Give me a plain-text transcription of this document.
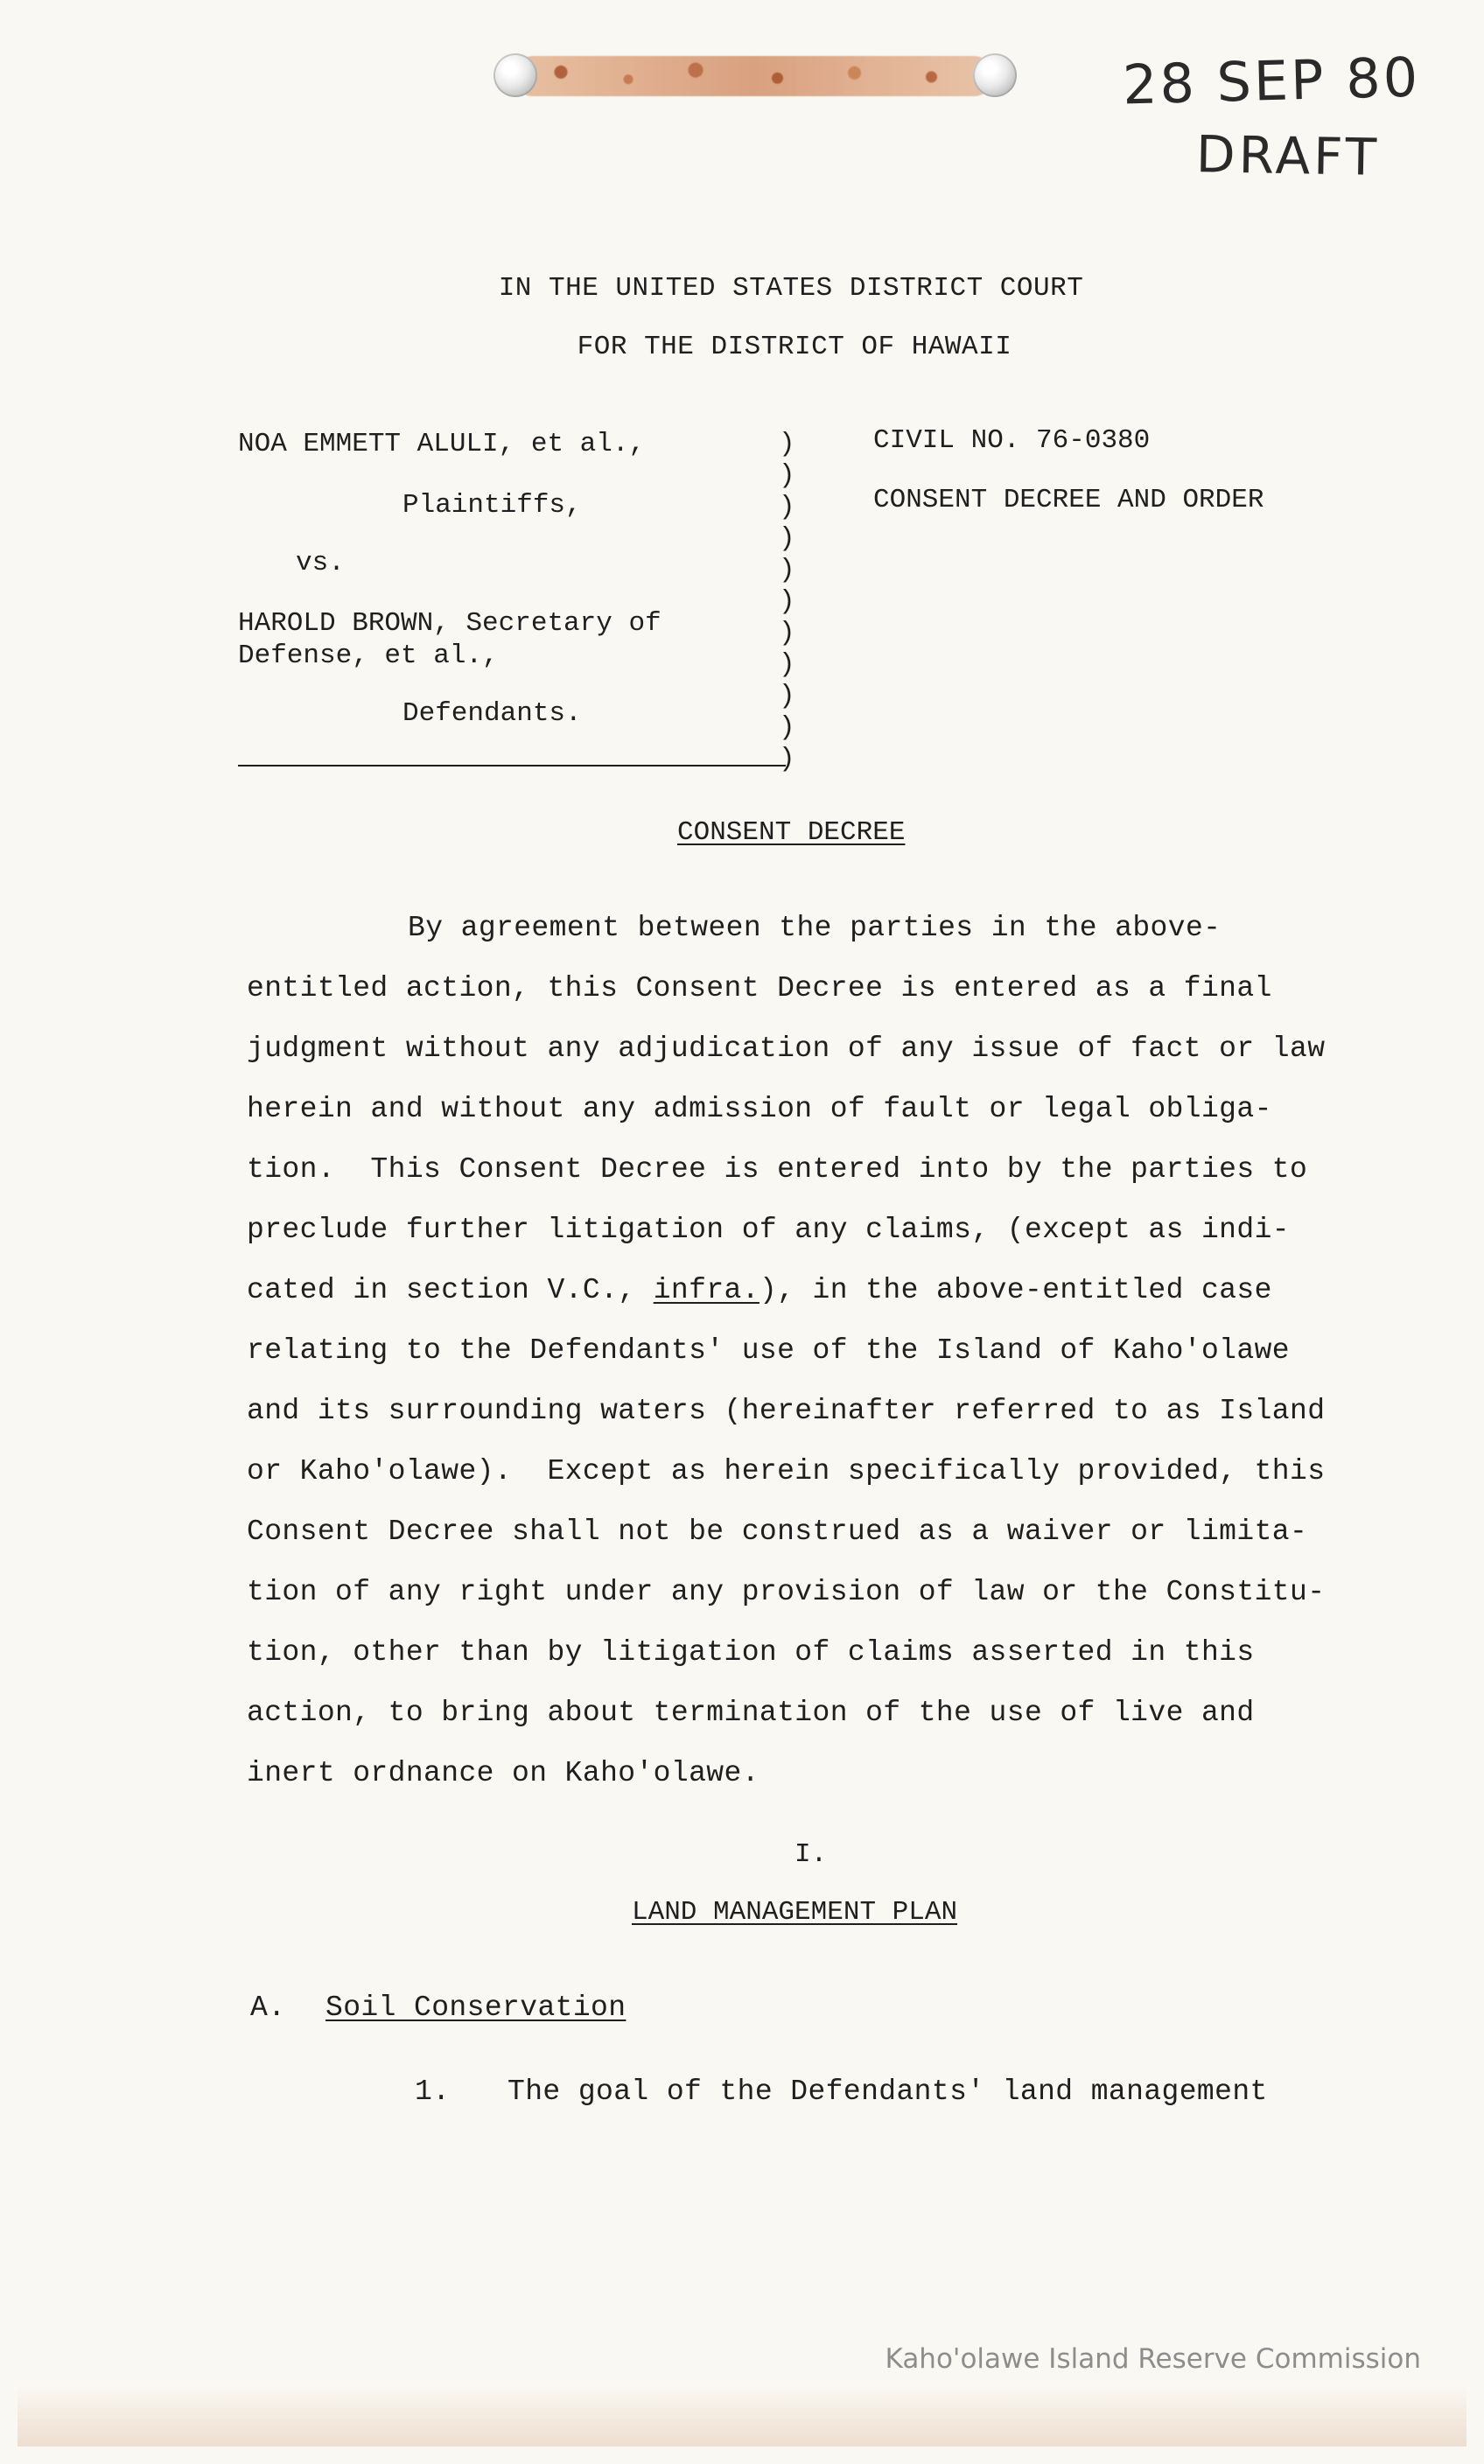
28 SEP 80
DRAFT
IN THE UNITED STATES DISTRICT COURT
FOR THE DISTRICT OF HAWAII
NOA EMMETT ALULI, et al.,
Plaintiffs,
vs.
HAROLD BROWN, Secretary of
Defense, et al.,
Defendants.
)
)
)
)
)
)
)
)
)
)
)
CIVIL NO. 76-0380
CONSENT DECREE AND ORDER
CONSENT DECREE
By agreement between the parties in the above-
entitled action, this Consent Decree is entered as a final
judgment without any adjudication of any issue of fact or law
herein and without any admission of fault or legal obliga-
tion.  This Consent Decree is entered into by the parties to
preclude further litigation of any claims, (except as indi-
cated in section V.C., infra.), in the above-entitled case
relating to the Defendants' use of the Island of Kaho'olawe
and its surrounding waters (hereinafter referred to as Island
or Kaho'olawe).  Except as herein specifically provided, this
Consent Decree shall not be construed as a waiver or limita-
tion of any right under any provision of law or the Constitu-
tion, other than by litigation of claims asserted in this
action, to bring about termination of the use of live and
inert ordnance on Kaho'olawe.
I.
LAND MANAGEMENT PLAN
A. Soil Conservation
1. The goal of the Defendants' land management
Kaho'olawe Island Reserve Commission
